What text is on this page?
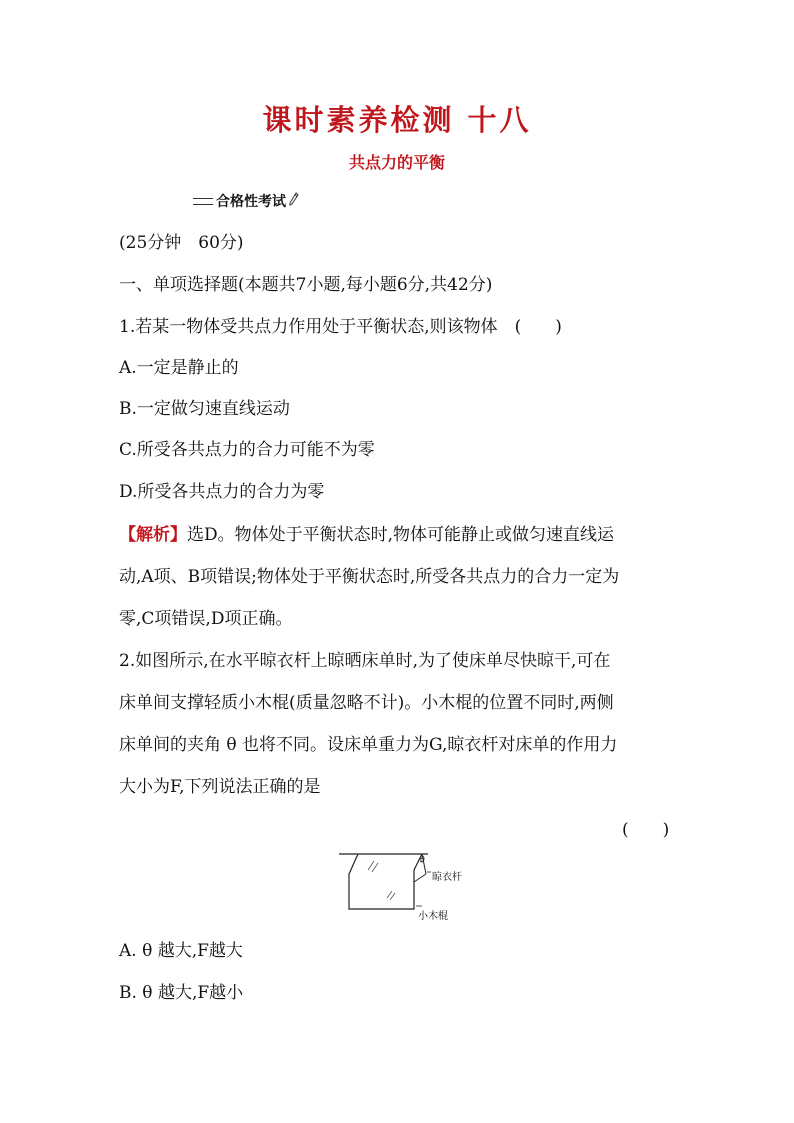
课时素养检测 十八
共点力的平衡
合格性考试
(25分钟　60分)
一、单项选择题(本题共7小题,每小题6分,共42分)
1.若某一物体受共点力作用处于平衡状态,则该物体　(　　)
A.一定是静止的
B.一定做匀速直线运动
C.所受各共点力的合力可能不为零
D.所受各共点力的合力为零
【解析】选D。物体处于平衡状态时,物体可能静止或做匀速直线运
动,A项、B项错误;物体处于平衡状态时,所受各共点力的合力一定为
零,C项错误,D项正确。
2.如图所示,在水平晾衣杆上晾晒床单时,为了使床单尽快晾干,可在
床单间支撑轻质小木棍(质量忽略不计)。小木棍的位置不同时,两侧
床单间的夹角 θ 也将不同。设床单重力为G,晾衣杆对床单的作用力
大小为F,下列说法正确的是
(　　)
θ
晾衣杆
小木棍
A. θ 越大,F越大
B. θ 越大,F越小
